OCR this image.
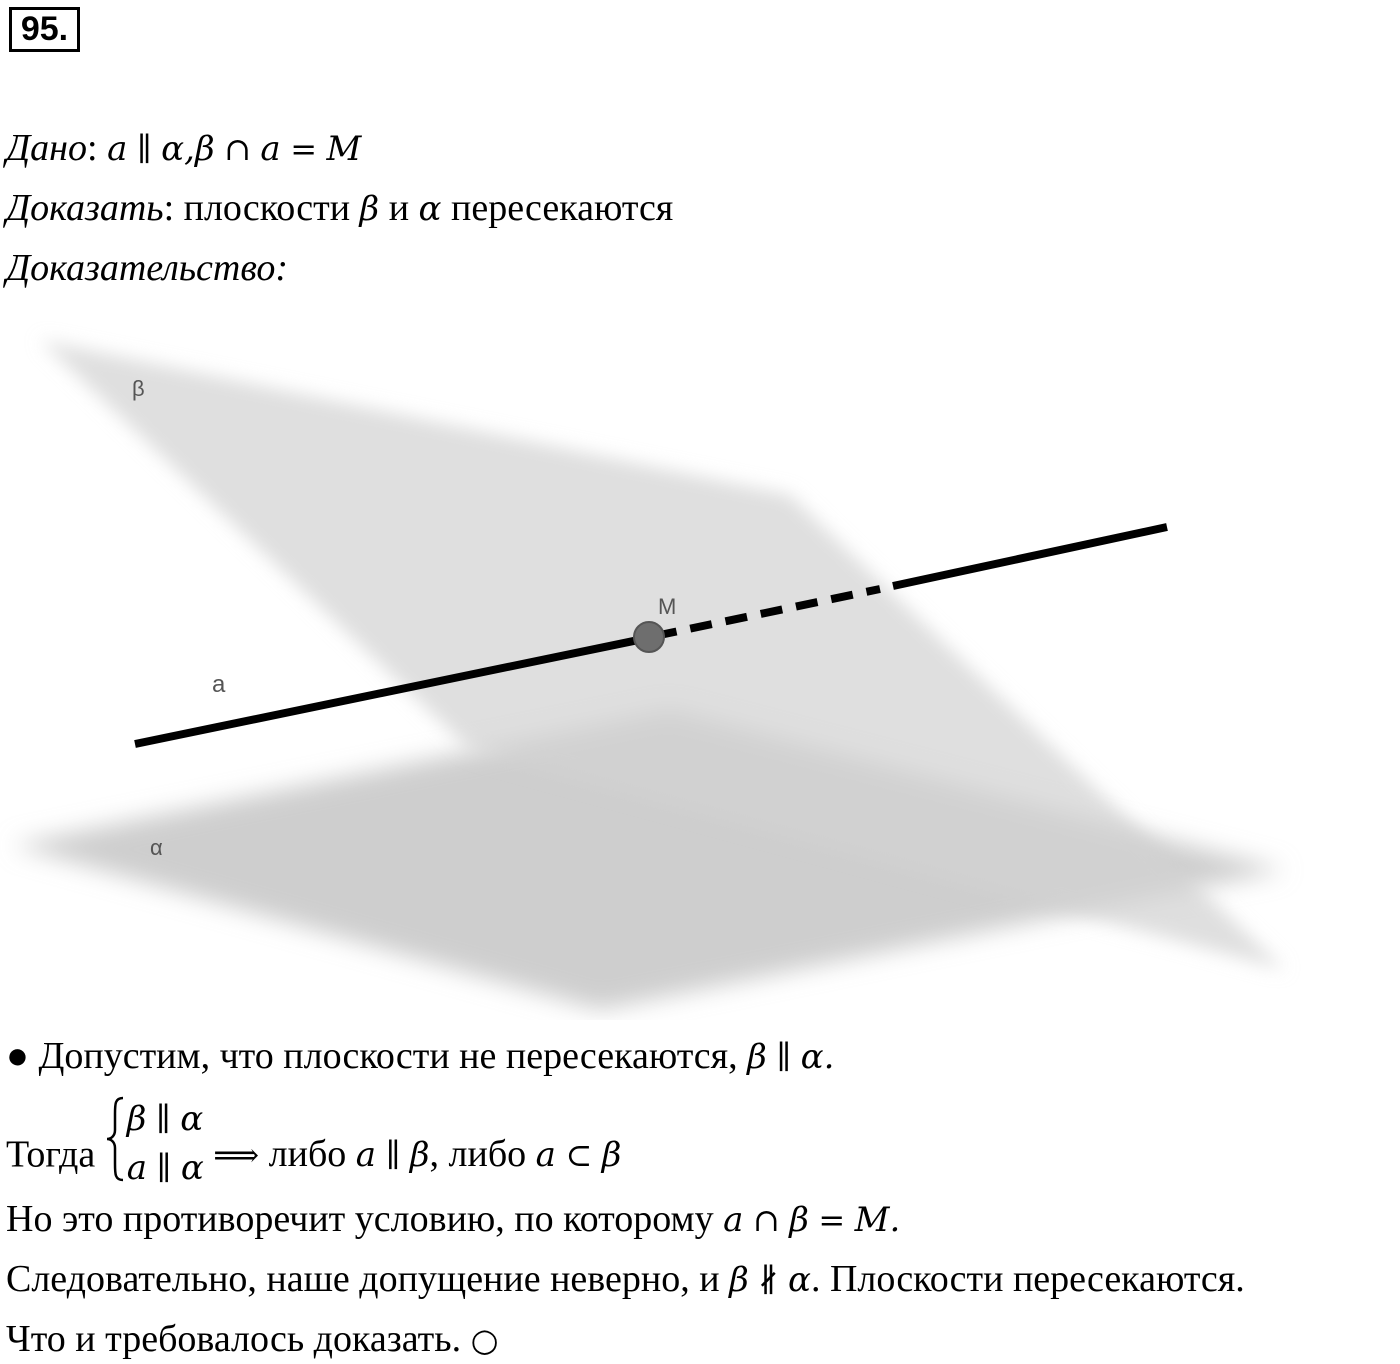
95.
Дано: a ∥ α,β ∩ a = M
Доказать: плоскости β и α пересекаются
Доказательство:
β
M
a
α
● Допустим, что плоскости не пересекаются, β ∥ α.
Тогда
β ∥ α
a ∥ α ⟹ либо a ∥ β, либо a ⊂ β
Но это противоречит условию, по которому a ∩ β = M.
Следовательно, наше допущение неверно, и β ∦ α. Плоскости пересекаются.
Что и требовалось доказать. ○
